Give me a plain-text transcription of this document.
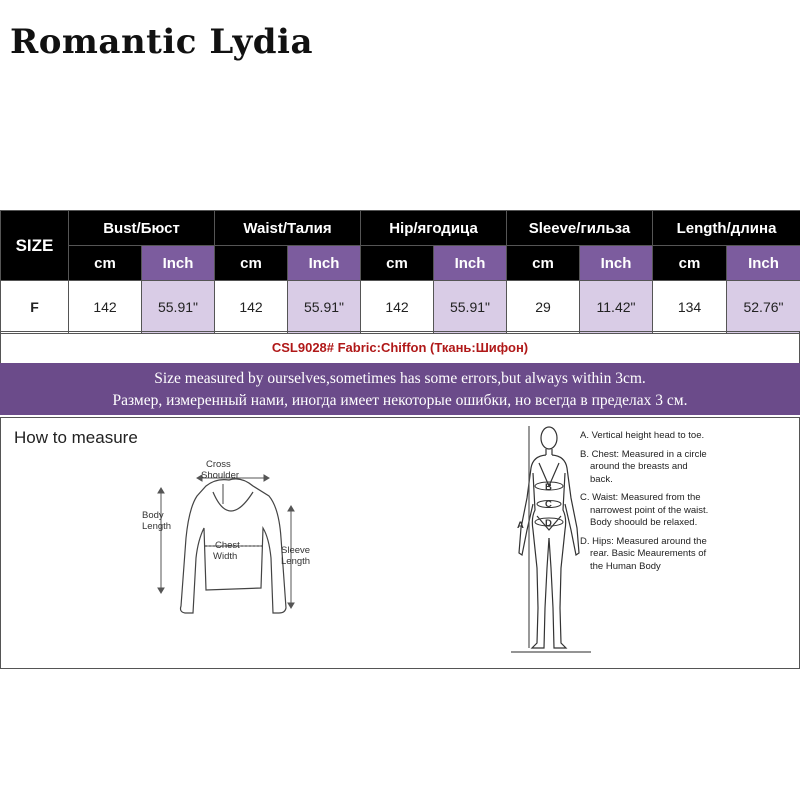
Romantic Lydia
SIZE	Bust/Бюст		Waist/Талия		Hip/ягодица		Sleeve/гильза		Length/длина	
	cm	Inch	cm	Inch	cm	Inch	cm	Inch	cm	Inch
F	142	55.91"	142	55.91"	142	55.91"	29	11.42"	134	52.76"
CSL9028# Fabric:Chiffon (Ткань:Шифон)
Size measured by ourselves,sometimes has some errors,but always within 3cm.
Размер, измеренный нами, иногда имеет некоторые ошибки, но всегда в пределах 3 см.
How to measure
Cross
Shoulder
Body
Length
Chest
Width
Sleeve
Length
B
C
D
A

A. Vertical height head to toe.

B. Chest: Measured in a circle around the breasts and back.

C. Waist: Measured from the narrowest point of the waist. Body shoould be relaxed.

D. Hips: Measured around the rear. Basic Meaurements of the Human Body
